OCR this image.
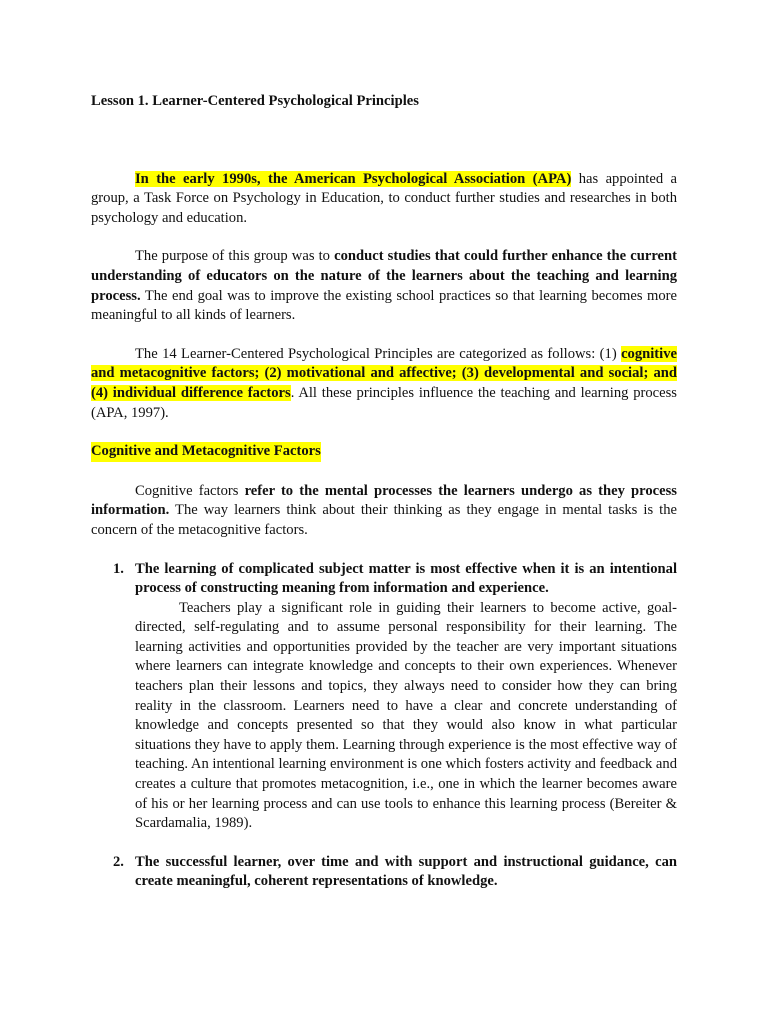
Lesson 1. Learner-Centered Psychological Principles

In the early 1990s, the American Psychological Association (APA) has appointed a group, a Task Force on Psychology in Education, to conduct further studies and researches in both psychology and education.

The purpose of this group was to conduct studies that could further enhance the current understanding of educators on the nature of the learners about the teaching and learning process. The end goal was to improve the existing school practices so that learning becomes more meaningful to all kinds of learners.

The 14 Learner-Centered Psychological Principles are categorized as follows: (1) cognitive and metacognitive factors; (2) motivational and affective; (3) developmental and social; and (4) individual difference factors. All these principles influence the teaching and learning process (APA, 1997).

Cognitive and Metacognitive Factors

Cognitive factors refer to the mental processes the learners undergo as they process information. The way learners think about their thinking as they engage in mental tasks is the concern of the metacognitive factors.

1. The learning of complicated subject matter is most effective when it is an intentional process of constructing meaning from information and experience.
Teachers play a significant role in guiding their learners to become active, goal-directed, self-regulating and to assume personal responsibility for their learning. The learning activities and opportunities provided by the teacher are very important situations where learners can integrate knowledge and concepts to their own experiences. Whenever teachers plan their lessons and topics, they always need to consider how they can bring reality in the classroom. Learners need to have a clear and concrete understanding of knowledge and concepts presented so that they would also know in what particular situations they have to apply them. Learning through experience is the most effective way of teaching. An intentional learning environment is one which fosters activity and feedback and creates a culture that promotes metacognition, i.e., one in which the learner becomes aware of his or her learning process and can use tools to enhance this learning process (Bereiter & Scardamalia, 1989).
2. The successful learner, over time and with support and instructional guidance, can create meaningful, coherent representations of knowledge.
